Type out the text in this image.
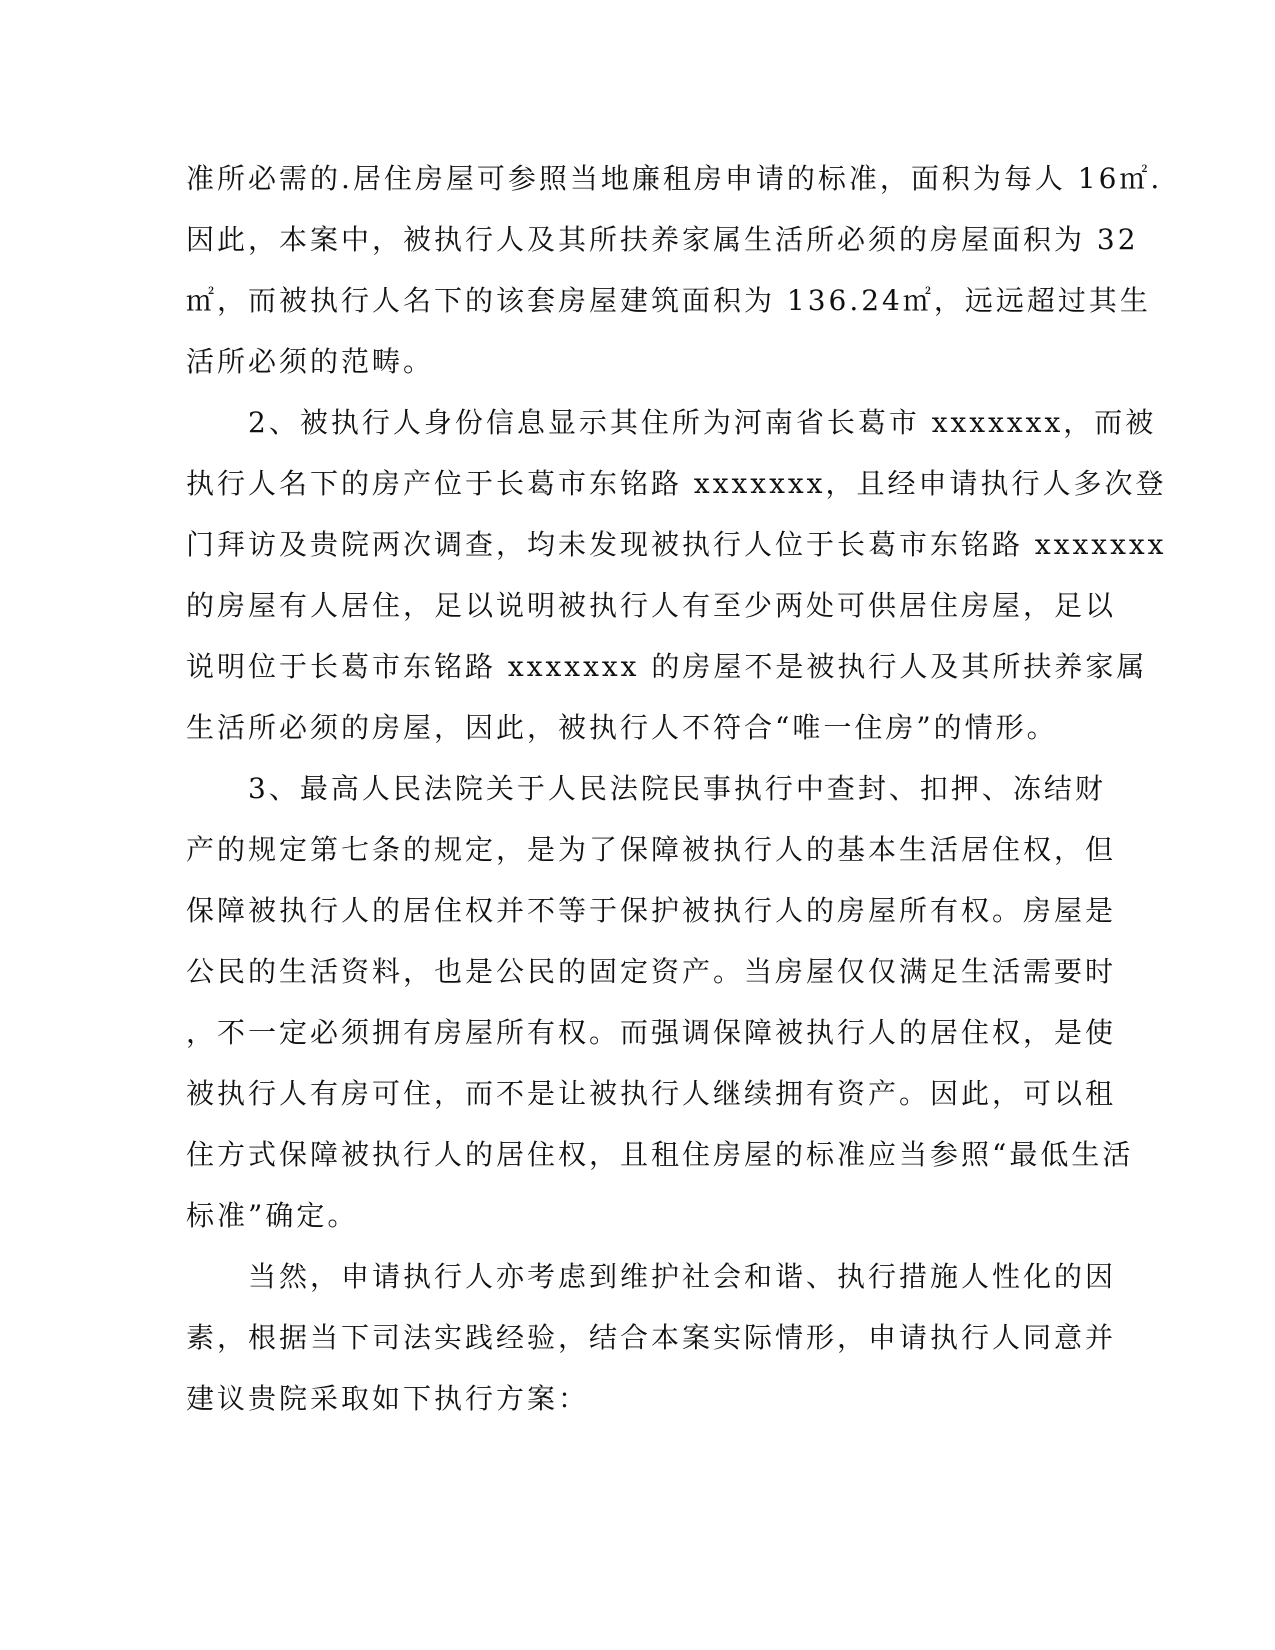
准所必需的.居住房屋可参照当地廉租房申请的标准，面积为每人 16㎡.
因此，本案中，被执行人及其所扶养家属生活所必须的房屋面积为 32
㎡，而被执行人名下的该套房屋建筑面积为 136.24㎡，远远超过其生
活所必须的范畴。
　　2、被执行人身份信息显示其住所为河南省长葛市 xxxxxxx，而被
执行人名下的房产位于长葛市东铭路 xxxxxxx，且经申请执行人多次登
门拜访及贵院两次调查，均未发现被执行人位于长葛市东铭路 xxxxxxx
的房屋有人居住，足以说明被执行人有至少两处可供居住房屋，足以
说明位于长葛市东铭路 xxxxxxx 的房屋不是被执行人及其所扶养家属
生活所必须的房屋，因此，被执行人不符合“唯一住房”的情形。
　　3、最高人民法院关于人民法院民事执行中查封、扣押、冻结财
产的规定第七条的规定，是为了保障被执行人的基本生活居住权，但
保障被执行人的居住权并不等于保护被执行人的房屋所有权。房屋是
公民的生活资料，也是公民的固定资产。当房屋仅仅满足生活需要时
，不一定必须拥有房屋所有权。而强调保障被执行人的居住权，是使
被执行人有房可住，而不是让被执行人继续拥有资产。因此，可以租
住方式保障被执行人的居住权，且租住房屋的标准应当参照“最低生活
标准”确定。
　　当然，申请执行人亦考虑到维护社会和谐、执行措施人性化的因
素，根据当下司法实践经验，结合本案实际情形，申请执行人同意并
建议贵院采取如下执行方案：
